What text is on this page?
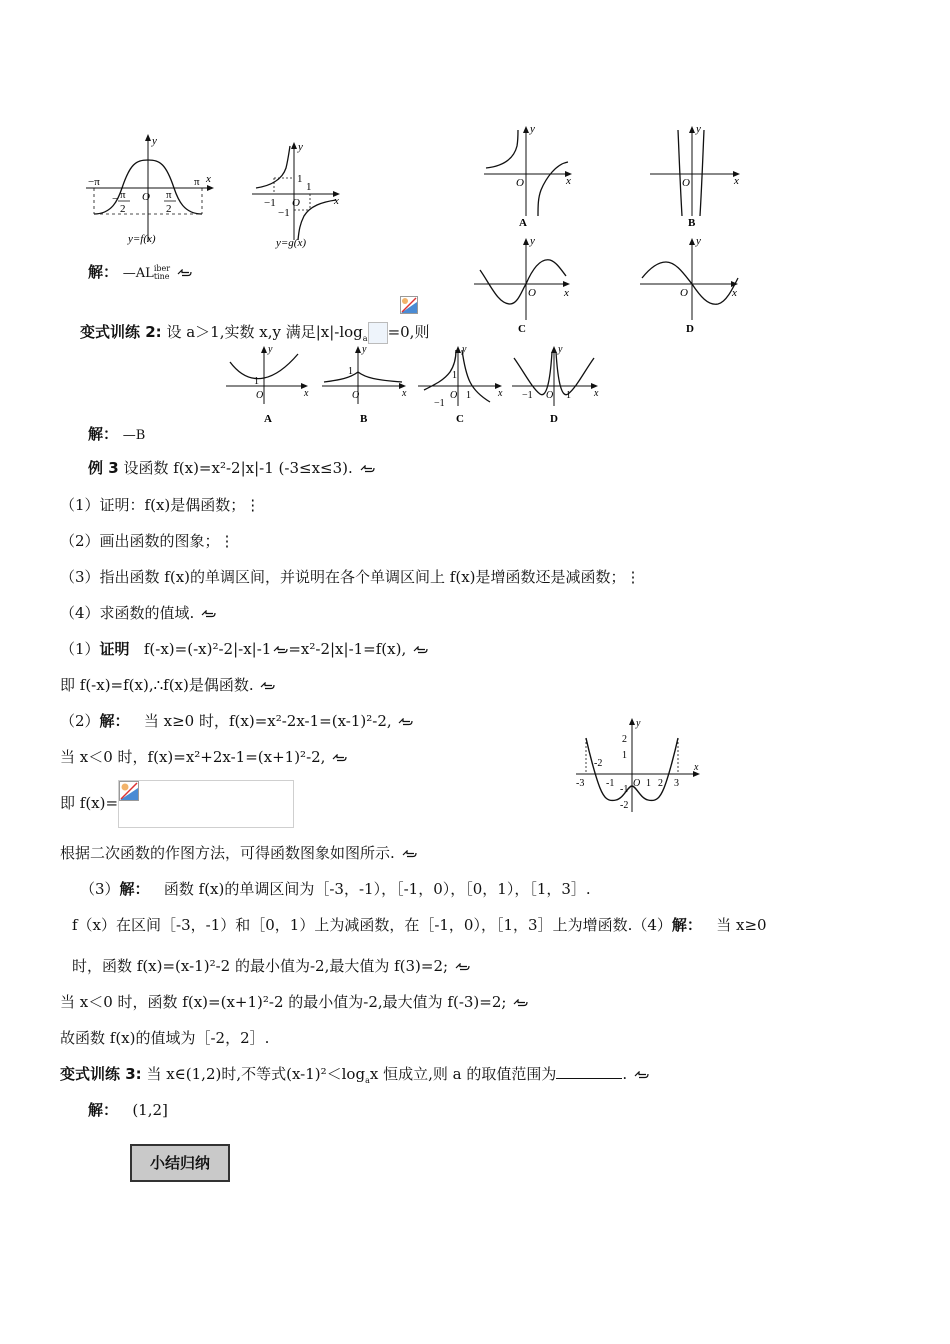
y
x
−π	π
O
− π
2
π
2
y=f(x)
y
x
1
−1 O
1
−1
y=g(x)
y
x
O
A
y
x
O
B
y
x
O
C
y
x
O
D
解： —ALiber
tine
变式训练 2: 设 a＞1,实数 x,y 满足$|x|-\log_a =0$,则
y
x
1
O
A
y
x
1
O
B
y
x
1
−1
O 1
C
y
x
−1 O 1
D
解： —B
例 3 设函数 f(x)=x²-2|x|-1 (-3≤x≤3).
（1）证明：f(x)是偶函数；⋮
（2）画出函数的图象；⋮
（3）指出函数 f(x)的单调区间，并说明在各个单调区间上 f(x)是增函数还是减函数；⋮
（4）求函数的值域.
（1）证明 f(-x)=(-x)²-2|-x|-1 =x²-2|x|-1=f(x),
即 f(-x)=f(x),∴f(x)是偶函数.
（2）解： 当 x≥0 时，f(x)=x²-2x-1=(x-1)²-2,
当 x＜0 时，f(x)=x²+2x-1=(x+1)²-2,
即 f(x)=
根据二次函数的作图方法，可得函数图象如图所示.
y
x
2
1
-1
-2
-3
-2
-1 O 1 2 3
（3）解： 函数 f(x)的单调区间为［-3，-1），［-1，0），［0，1），［1，3］.
f（x）在区间［-3，-1）和［0，1）上为减函数，在［-1，0），［1，3］上为增函数.（4）解： 当 x≥0
时，函数 f(x)=(x-1)²-2 的最小值为-2,最大值为 f(3)=2;
当 x＜0 时，函数 f(x)=(x+1)²-2 的最小值为-2,最大值为 f(-3)=2;
故函数 f(x)的值域为［-2，2］.
变式训练 3: 当 x∈(1,2)时,不等式$(x-1)^2<\log_ax$ 恒成立,则 a 的取值范围为	.
解： (1,2]
小结归纳
